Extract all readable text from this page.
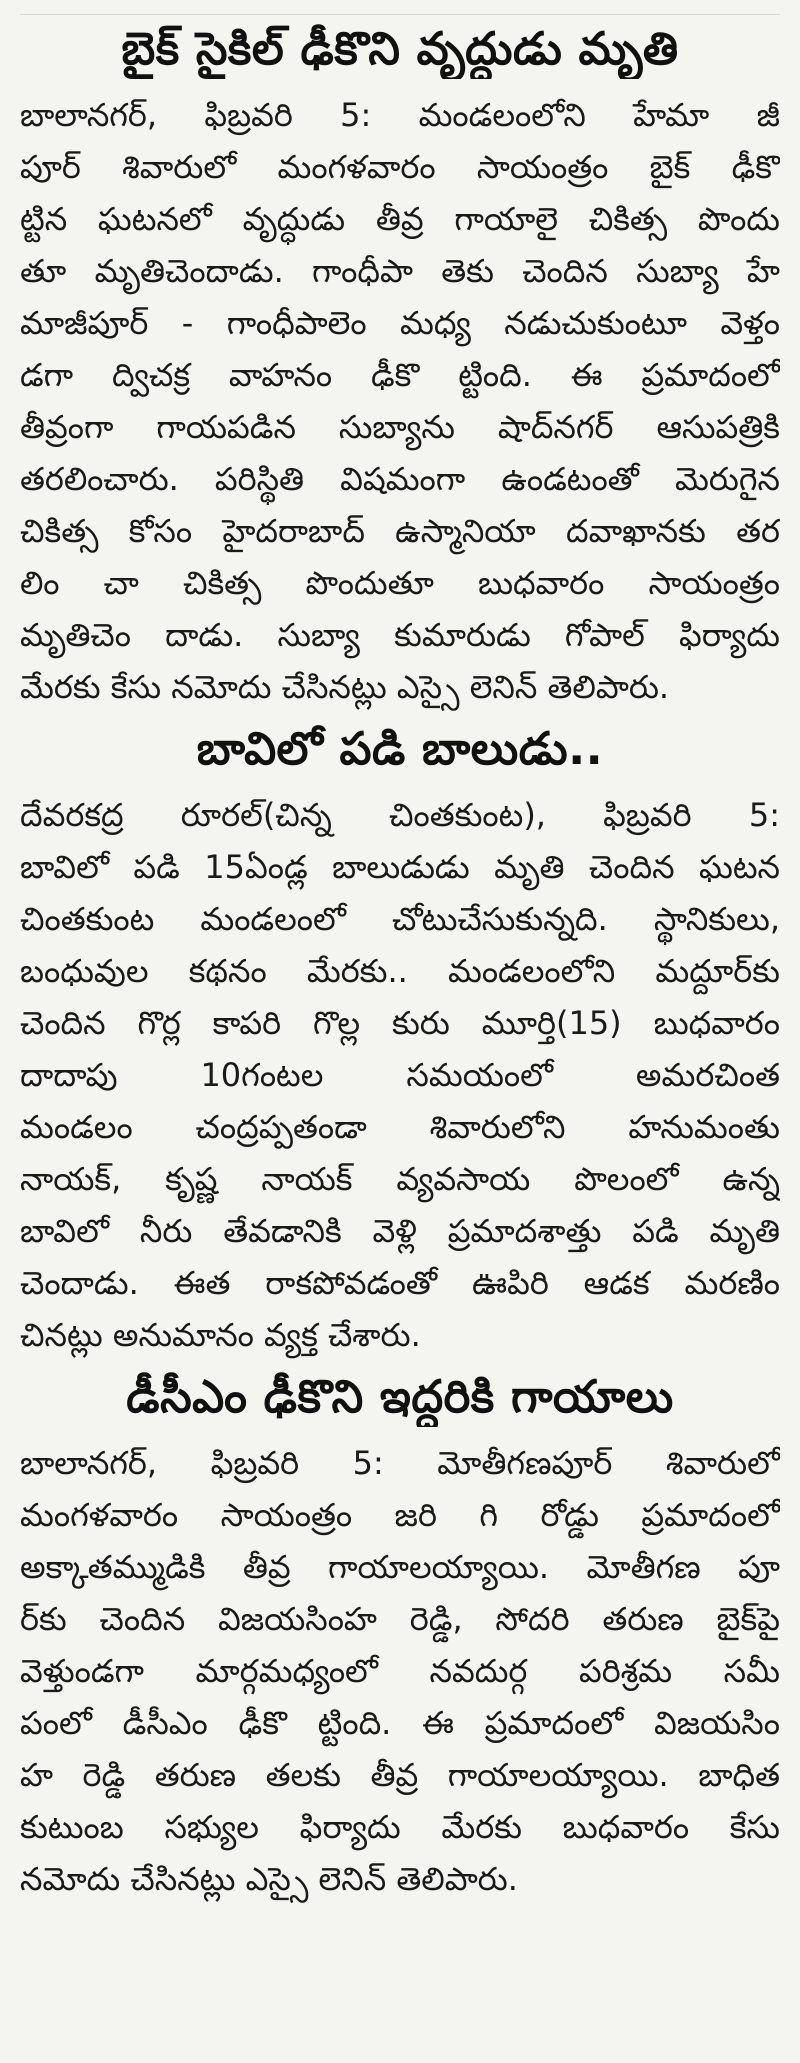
బైక్ సైకిల్ ఢీకొని వృద్ధుడు మృతి
బాలానగర్, ఫిబ్రవరి 5: మండలంలోని హేమా జీ
పూర్ శివారులో మంగళవారం సాయంత్రం బైక్ ఢీకొ
ట్టిన ఘటనలో వృద్ధుడు తీవ్ర గాయాలై చికిత్స పొందు
తూ మృతిచెందాడు. గాంధీపా తెకు చెందిన సుబ్యా హే
మాజీపూర్ - గాంధీపాలెం మధ్య నడుచుకుంటూ వెళ్తం
డగా ద్విచక్ర వాహనం ఢీకొ ట్టింది. ఈ ప్రమాదంలో
తీవ్రంగా గాయపడిన సుబ్యాను షాద్‌నగర్ ఆసుపత్రికి
తరలించారు. పరిస్థితి విషమంగా ఉండటంతో మెరుగైన
చికిత్స కోసం హైదరాబాద్ ఉస్మానియా దవాఖానకు తర
లిం చా చికిత్స పొందుతూ బుధవారం సాయంత్రం
మృతిచెం దాడు. సుబ్యా కుమారుడు గోపాల్ ఫిర్యాదు
మేరకు కేసు నమోదు చేసినట్లు ఎస్సై లెనిన్ తెలిపారు.
బావిలో పడి బాలుడు..
దేవరకద్ర రూరల్(చిన్న చింతకుంట), ఫిబ్రవరి 5:
బావిలో పడి 15ఏండ్ల బాలుడుడు మృతి చెందిన ఘటన
చింతకుంట మండలంలో చోటుచేసుకున్నది. స్థానికులు,
బంధువుల కథనం మేరకు.. మండలంలోని మద్దూర్‌కు
చెందిన గొర్ల కాపరి గొల్ల కురు మూర్తి(15) బుధవారం
దాదాపు 10గంటల సమయంలో అమరచింత
మండలం చంద్రప్పతండా శివారులోని హనుమంతు
నాయక్, కృష్ణ నాయక్ వ్యవసాయ పొలంలో ఉన్న
బావిలో నీరు తేవడానికి వెళ్లి ప్రమాదశాత్తు పడి మృతి
చెందాడు. ఈత రాకపోవడంతో ఊపిరి ఆడక మరణిం
చినట్లు అనుమానం వ్యక్త చేశారు.
డీసీఎం ఢీకొని ఇద్దరికి గాయాలు
బాలానగర్, ఫిబ్రవరి 5: మోతీగణపూర్ శివారులో
మంగళవారం సాయంత్రం జరి గి రోడ్డు ప్రమాదంలో
అక్కాతమ్ముడికి తీవ్ర గాయాలయ్యాయి. మోతీగణ పూ
ర్‌కు చెందిన విజయసింహ రెడ్డి, సోదరి తరుణ బైక్‌పై
వెళ్తుండగా మార్గమధ్యంలో నవదుర్గ పరిశ్రమ సమీ
పంలో డీసీఎం ఢీకొ ట్టింది. ఈ ప్రమాదంలో విజయసిం
హ రెడ్డి తరుణ తలకు తీవ్ర గాయాలయ్యాయి. బాధిత
కుటుంబ సభ్యుల ఫిర్యాదు మేరకు బుధవారం కేసు
నమోదు చేసినట్లు ఎస్సై లెనిన్ తెలిపారు.
